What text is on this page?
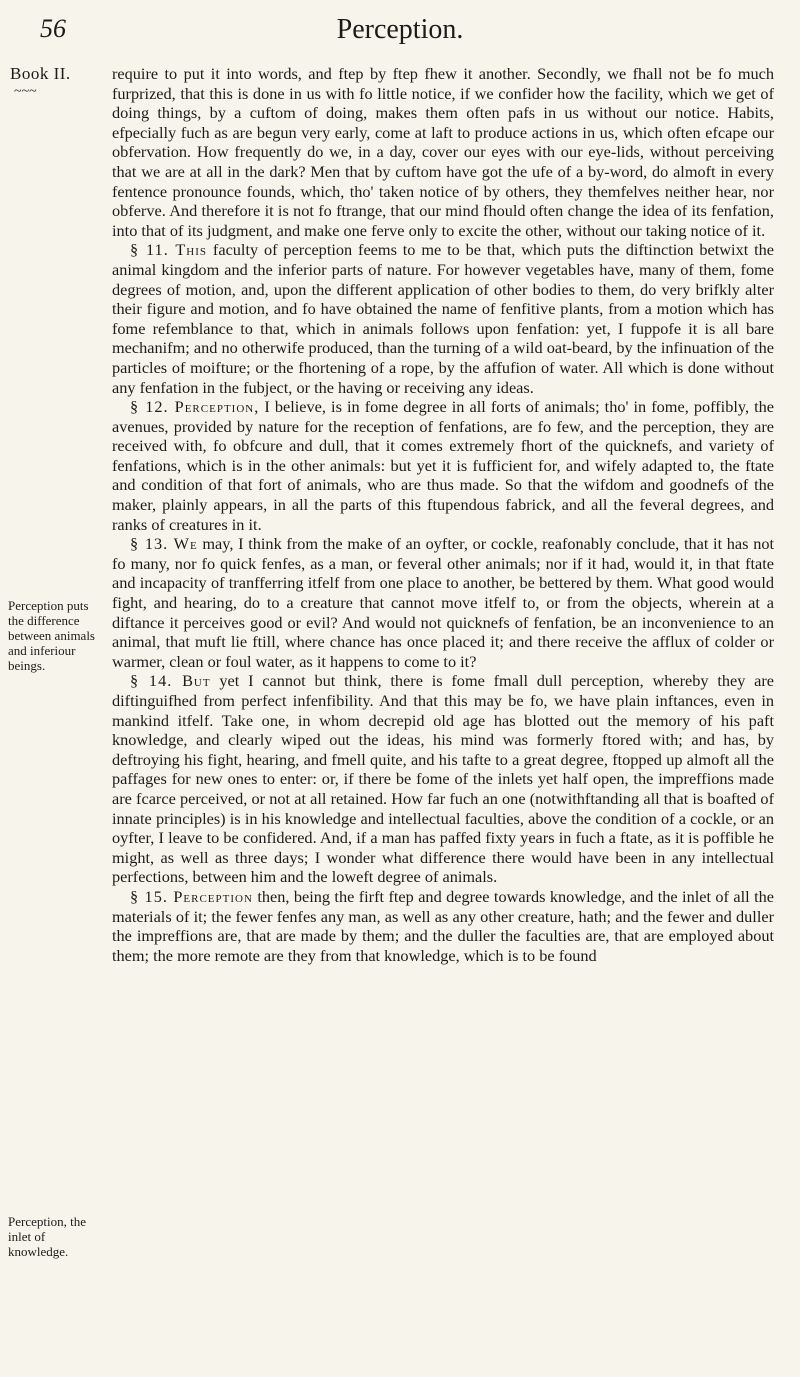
56	Perception.
Book II.
~~~
Perception puts the difference between animals and inferiour beings.
Perception, the inlet of knowledge.

require to put it into words, and ftep by ftep fhew it another. Secondly, we fhall not be fo much furprized, that this is done in us with fo little notice, if we confider how the facility, which we get of doing things, by a cuftom of doing, makes them often pafs in us without our notice. Habits, efpecially fuch as are begun very early, come at laft to produce actions in us, which often efcape our obfervation. How frequently do we, in a day, cover our eyes with our eye-lids, without perceiving that we are at all in the dark? Men that by cuftom have got the ufe of a by-word, do almoft in every fentence pronounce founds, which, tho' taken notice of by others, they themfelves neither hear, nor obferve. And therefore it is not fo ftrange, that our mind fhould often change the idea of its fenfation, into that of its judgment, and make one ferve only to excite the other, without our taking notice of it.

§ 11. This faculty of perception feems to me to be that, which puts the diftinction betwixt the animal kingdom and the inferior parts of nature. For however vegetables have, many of them, fome degrees of motion, and, upon the different application of other bodies to them, do very brifkly alter their figure and motion, and fo have obtained the name of fenfitive plants, from a motion which has fome refemblance to that, which in animals follows upon fenfation: yet, I fuppofe it is all bare mechanifm; and no otherwife produced, than the turning of a wild oat-beard, by the infinuation of the particles of moifture; or the fhortening of a rope, by the affufion of water. All which is done without any fenfation in the fubject, or the having or receiving any ideas.

§ 12. Perception, I believe, is in fome degree in all forts of animals; tho' in fome, poffibly, the avenues, provided by nature for the reception of fenfations, are fo few, and the perception, they are received with, fo obfcure and dull, that it comes extremely fhort of the quicknefs, and variety of fenfations, which is in the other animals: but yet it is fufficient for, and wifely adapted to, the ftate and condition of that fort of animals, who are thus made. So that the wifdom and goodnefs of the maker, plainly appears, in all the parts of this ftupendous fabrick, and all the feveral degrees, and ranks of creatures in it.

§ 13. We may, I think from the make of an oyfter, or cockle, reafonably conclude, that it has not fo many, nor fo quick fenfes, as a man, or feveral other animals; nor if it had, would it, in that ftate and incapacity of tranfferring itfelf from one place to another, be bettered by them. What good would fight, and hearing, do to a creature that cannot move itfelf to, or from the objects, wherein at a diftance it perceives good or evil? And would not quicknefs of fenfation, be an inconvenience to an animal, that muft lie ftill, where chance has once placed it; and there receive the afflux of colder or warmer, clean or foul water, as it happens to come to it?

§ 14. But yet I cannot but think, there is fome fmall dull perception, whereby they are diftinguifhed from perfect infenfibility. And that this may be fo, we have plain inftances, even in mankind itfelf. Take one, in whom decrepid old age has blotted out the memory of his paft knowledge, and clearly wiped out the ideas, his mind was formerly ftored with; and has, by deftroying his fight, hearing, and fmell quite, and his tafte to a great degree, ftopped up almoft all the paffages for new ones to enter: or, if there be fome of the inlets yet half open, the impreffions made are fcarce perceived, or not at all retained. How far fuch an one (notwithftanding all that is boafted of innate principles) is in his knowledge and intellectual faculties, above the condition of a cockle, or an oyfter, I leave to be confidered. And, if a man has paffed fixty years in fuch a ftate, as it is poffible he might, as well as three days; I wonder what difference there would have been in any intellectual perfections, between him and the loweft degree of animals.

§ 15. Perception then, being the firft ftep and degree towards knowledge, and the inlet of all the materials of it; the fewer fenfes any man, as well as any other creature, hath; and the fewer and duller the impreffions are, that are made by them; and the duller the faculties are, that are employed about them; the more remote are they from that knowledge, which is to be found
